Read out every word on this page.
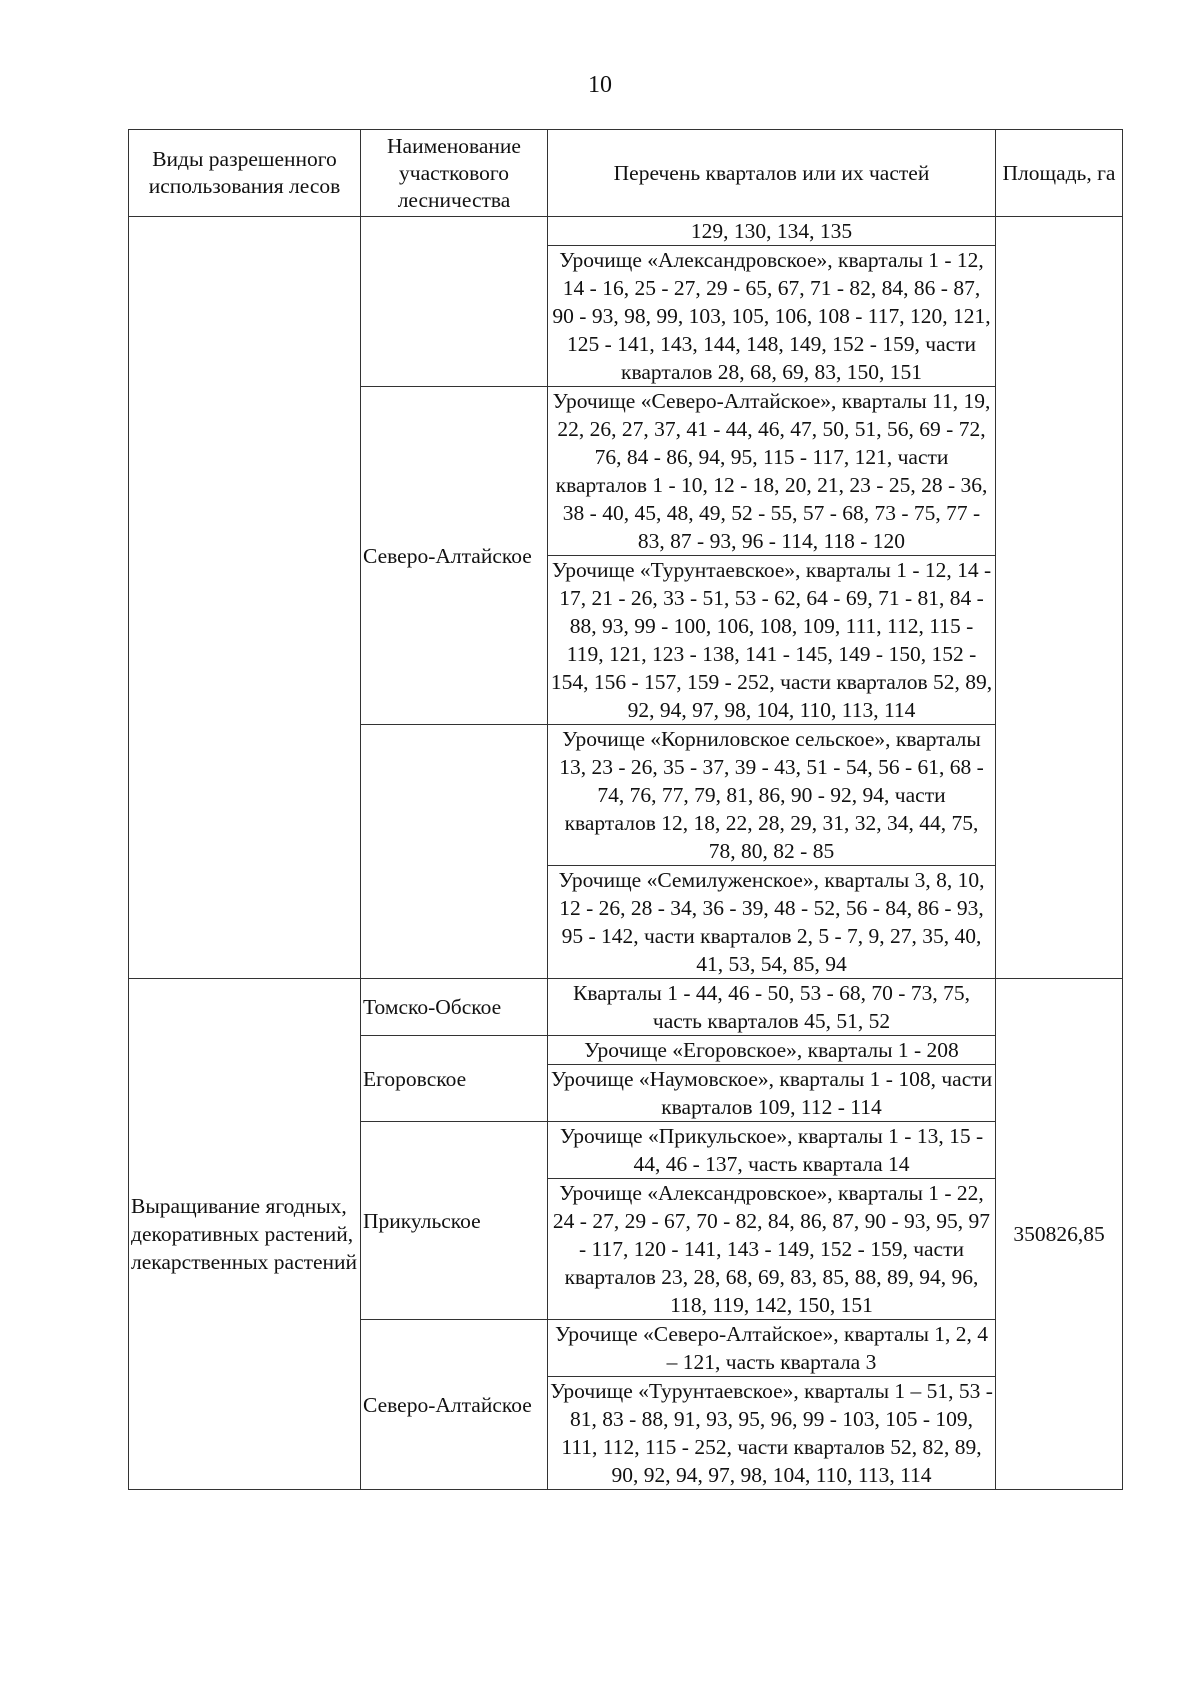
10
Виды разрешенного использования лесов	Наименование участкового лесничества	Перечень кварталов или их частей	Площадь, га
		129, 130, 134, 135	
		Урочище «Александровское», кварталы 1 - 12, 14 - 16, 25 - 27, 29 - 65, 67, 71 - 82, 84, 86 - 87, 90 - 93, 98, 99, 103, 105, 106, 108 - 117, 120, 121, 125 - 141, 143, 144, 148, 149, 152 - 159, части кварталов 28, 68, 69, 83, 150, 151	
	Северо-Алтайское	Урочище «Северо-Алтайское», кварталы 11, 19, 22, 26, 27, 37, 41 - 44, 46, 47, 50, 51, 56, 69 - 72, 76, 84 - 86, 94, 95, 115 - 117, 121, части кварталов 1 - 10, 12 - 18, 20, 21, 23 - 25, 28 - 36, 38 - 40, 45, 48, 49, 52 - 55, 57 - 68, 73 - 75, 77 - 83, 87 - 93, 96 - 114, 118 - 120	
		Урочище «Турунтаевское», кварталы 1 - 12, 14 - 17, 21 - 26, 33 - 51, 53 - 62, 64 - 69, 71 - 81, 84 - 88, 93, 99 - 100, 106, 108, 109, 111, 112, 115 - 119, 121, 123 - 138, 141 - 145, 149 - 150, 152 - 154, 156 - 157, 159 - 252, части кварталов 52, 89, 92, 94, 97, 98, 104, 110, 113, 114	
		Урочище «Корниловское сельское», кварталы 13, 23 - 26, 35 - 37, 39 - 43, 51 - 54, 56 - 61, 68 - 74, 76, 77, 79, 81, 86, 90 - 92, 94, части кварталов 12, 18, 22, 28, 29, 31, 32, 34, 44, 75, 78, 80, 82 - 85	
		Урочище «Семилуженское», кварталы 3, 8, 10, 12 - 26, 28 - 34, 36 - 39, 48 - 52, 56 - 84, 86 - 93, 95 - 142, части кварталов 2, 5 - 7, 9, 27, 35, 40, 41, 53, 54, 85, 94	
Выращивание ягодных, декоративных растений, лекарственных растений	Томско-Обское	Кварталы 1 - 44, 46 - 50, 53 - 68, 70 - 73, 75, часть кварталов 45, 51, 52	350826,85
	Егоровское	Урочище «Егоровское», кварталы 1 - 208	
		Урочище «Наумовское», кварталы 1 - 108, части кварталов 109, 112 - 114	
	Прикульское	Урочище «Прикульское», кварталы 1 - 13, 15 - 44, 46 - 137, часть квартала 14	
		Урочище «Александровское», кварталы 1 - 22, 24 - 27, 29 - 67, 70 - 82, 84, 86, 87, 90 - 93, 95, 97 - 117, 120 - 141, 143 - 149, 152 - 159, части кварталов 23, 28, 68, 69, 83, 85, 88, 89, 94, 96, 118, 119, 142, 150, 151	
	Северо-Алтайское	Урочище «Северо-Алтайское», кварталы 1, 2, 4 – 121, часть квартала 3	
		Урочище «Турунтаевское», кварталы 1 – 51, 53 - 81, 83 - 88, 91, 93, 95, 96, 99 - 103, 105 - 109, 111, 112, 115 - 252, части кварталов 52, 82, 89, 90, 92, 94, 97, 98, 104, 110, 113, 114	
